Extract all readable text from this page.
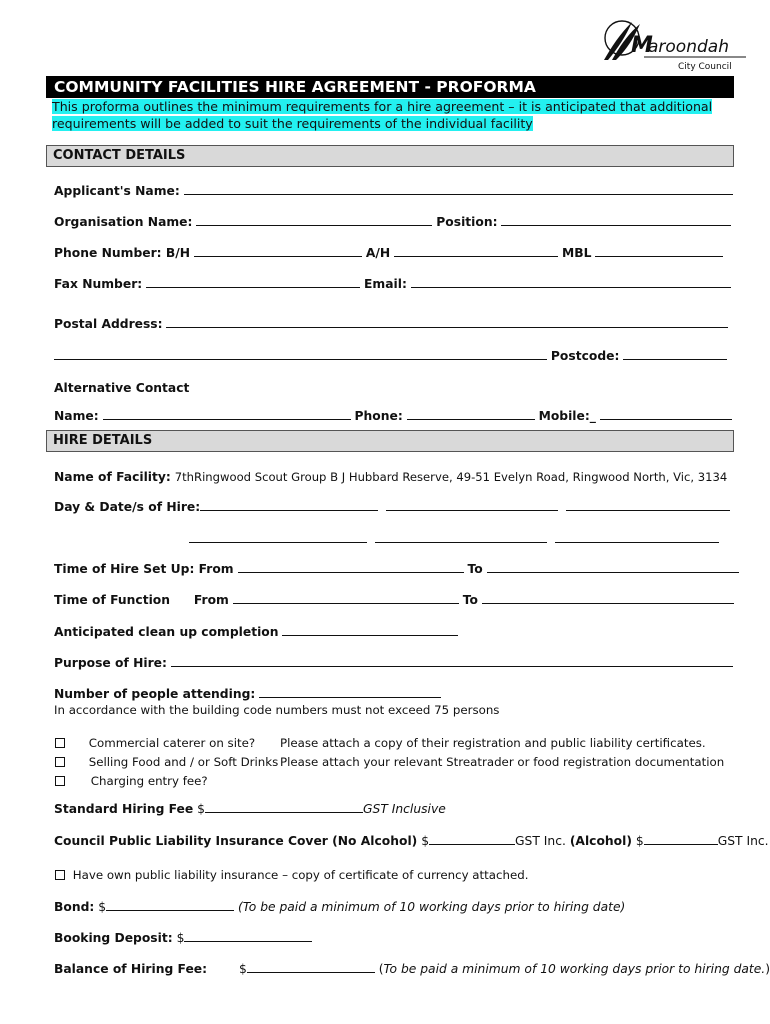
M
aroondah
City Council
COMMUNITY FACILITIES HIRE AGREEMENT - PROFORMA
This proforma outlines the minimum requirements for a hire agreement – it is anticipated that additional
requirements will be added to suit the requirements of the individual facility
CONTACT DETAILS
Applicant's Name:
Organisation Name:	Position:
Phone Number: B/H	A/H	MBL
Fax Number:	Email:
Postal Address:
Postcode:
Alternative Contact
Name:	Phone:	Mobile:_
HIRE DETAILS
Name of Facility: 7thRingwood Scout Group B J Hubbard Reserve, 49-51 Evelyn Road, Ringwood North, Vic, 3134
Day & Date/s of Hire:

Time of Hire Set Up: From	To
Time of Function From	To
Anticipated clean up completion
Purpose of Hire:
Number of people attending:
In accordance with the building code numbers must not exceed 75 persons
Commercial caterer on site? Please attach a copy of their registration and public liability certificates.
Selling Food and / or Soft Drinks Please attach your relevant Streatrader or food registration documentation
Charging entry fee?
Standard Hiring Fee $	GST Inclusive
Council Public Liability Insurance Cover (No Alcohol) $	GST Inc. (Alcohol) $	GST Inc.
Have own public liability insurance – copy of certificate of currency attached.
Bond: $	(To be paid a minimum of 10 working days prior to hiring date)
Booking Deposit: $
Balance of Hiring Fee:	$	(To be paid a minimum of 10 working days prior to hiring date.)
